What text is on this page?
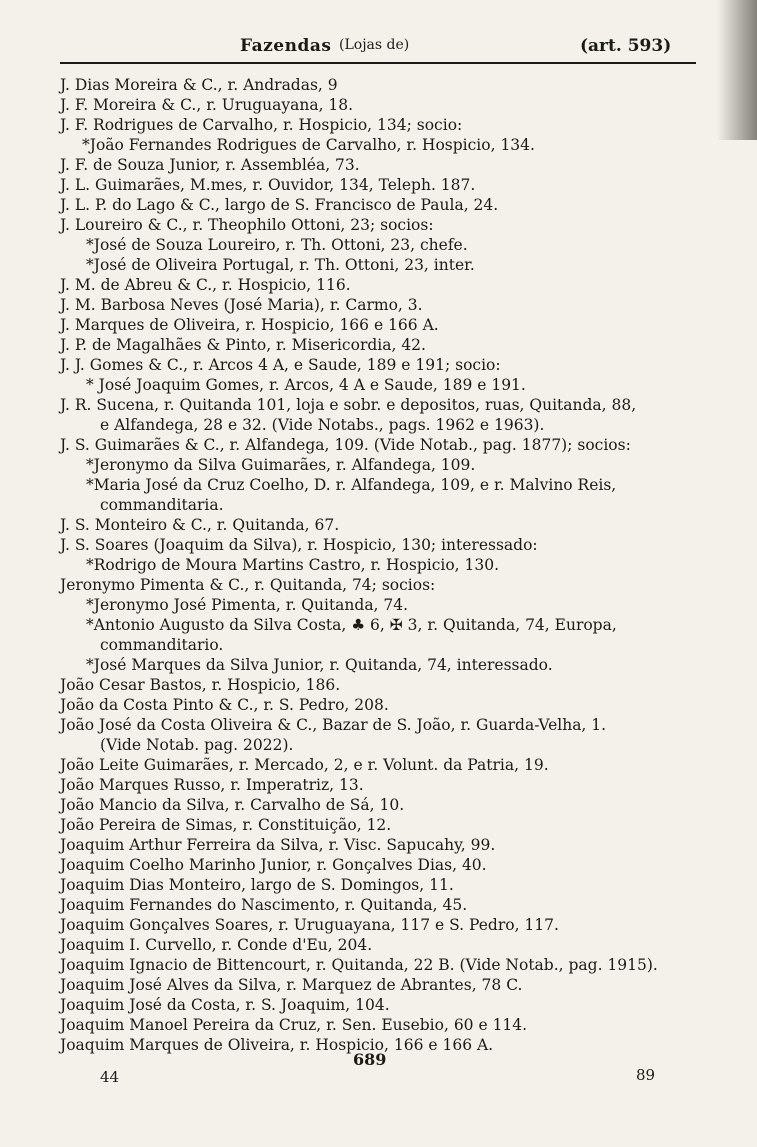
Fazendas (Lojas de)	(art. 593)
J. Dias Moreira & C., r. Andradas, 9
J. F. Moreira & C., r. Uruguayana, 18.
J. F. Rodrigues de Carvalho, r. Hospicio, 134; socio:
*João Fernandes Rodrigues de Carvalho, r. Hospicio, 134.
J. F. de Souza Junior, r. Assembléa, 73.
J. L. Guimarães, M.mes, r. Ouvidor, 134, Teleph. 187.
J. L. P. do Lago & C., largo de S. Francisco de Paula, 24.
J. Loureiro & C., r. Theophilo Ottoni, 23; socios:
*José de Souza Loureiro, r. Th. Ottoni, 23, chefe.
*José de Oliveira Portugal, r. Th. Ottoni, 23, inter.
J. M. de Abreu & C., r. Hospicio, 116.
J. M. Barbosa Neves (José Maria), r. Carmo, 3.
J. Marques de Oliveira, r. Hospicio, 166 e 166 A.
J. P. de Magalhães & Pinto, r. Misericordia, 42.
J. J. Gomes & C., r. Arcos 4 A, e Saude, 189 e 191; socio:
* José Joaquim Gomes, r. Arcos, 4 A e Saude, 189 e 191.
J. R. Sucena, r. Quitanda 101, loja e sobr. e depositos, ruas, Quitanda, 88,
e Alfandega, 28 e 32. (Vide Notabs., pags. 1962 e 1963).
J. S. Guimarães & C., r. Alfandega, 109. (Vide Notab., pag. 1877); socios:
*Jeronymo da Silva Guimarães, r. Alfandega, 109.
*Maria José da Cruz Coelho, D. r. Alfandega, 109, e r. Malvino Reis,
commanditaria.
J. S. Monteiro & C., r. Quitanda, 67.
J. S. Soares (Joaquim da Silva), r. Hospicio, 130; interessado:
*Rodrigo de Moura Martins Castro, r. Hospicio, 130.
Jeronymo Pimenta & C., r. Quitanda, 74; socios:
*Jeronymo José Pimenta, r. Quitanda, 74.
*Antonio Augusto da Silva Costa, ♣ 6, ✠ 3, r. Quitanda, 74, Europa,
commanditario.
*José Marques da Silva Junior, r. Quitanda, 74, interessado.
João Cesar Bastos, r. Hospicio, 186.
João da Costa Pinto & C., r. S. Pedro, 208.
João José da Costa Oliveira & C., Bazar de S. João, r. Guarda-Velha, 1.
(Vide Notab. pag. 2022).
João Leite Guimarães, r. Mercado, 2, e r. Volunt. da Patria, 19.
João Marques Russo, r. Imperatriz, 13.
João Mancio da Silva, r. Carvalho de Sá, 10.
João Pereira de Simas, r. Constituição, 12.
Joaquim Arthur Ferreira da Silva, r. Visc. Sapucahy, 99.
Joaquim Coelho Marinho Junior, r. Gonçalves Dias, 40.
Joaquim Dias Monteiro, largo de S. Domingos, 11.
Joaquim Fernandes do Nascimento, r. Quitanda, 45.
Joaquim Gonçalves Soares, r. Uruguayana, 117 e S. Pedro, 117.
Joaquim I. Curvello, r. Conde d'Eu, 204.
Joaquim Ignacio de Bittencourt, r. Quitanda, 22 B. (Vide Notab., pag. 1915).
Joaquim José Alves da Silva, r. Marquez de Abrantes, 78 C.
Joaquim José da Costa, r. S. Joaquim, 104.
Joaquim Manoel Pereira da Cruz, r. Sen. Eusebio, 60 e 114.
Joaquim Marques de Oliveira, r. Hospicio, 166 e 166 A.
689
44	89
